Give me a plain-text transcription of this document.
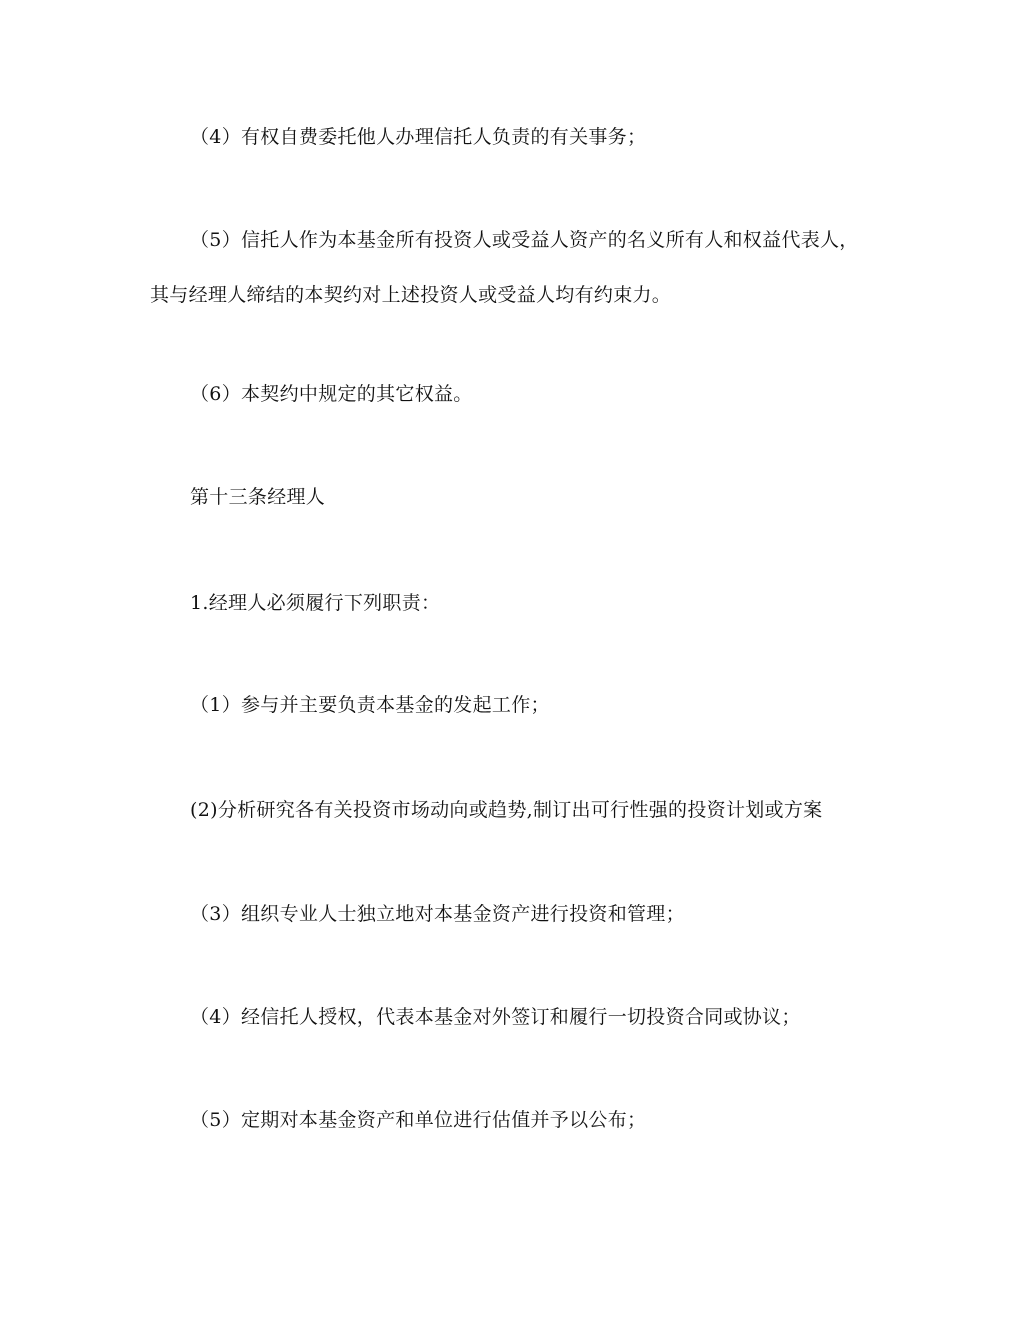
（4）有权自费委托他人办理信托人负责的有关事务；
（5）信托人作为本基金所有投资人或受益人资产的名义所有人和权益代表人，
其与经理人缔结的本契约对上述投资人或受益人均有约束力。
（6）本契约中规定的其它权益。
第十三条经理人
1.经理人必须履行下列职责：
（1）参与并主要负责本基金的发起工作；
(2)分析研究各有关投资市场动向或趋势,制订出可行性强的投资计划或方案
（3）组织专业人士独立地对本基金资产进行投资和管理；
（4）经信托人授权，代表本基金对外签订和履行一切投资合同或协议；
（5）定期对本基金资产和单位进行估值并予以公布；
